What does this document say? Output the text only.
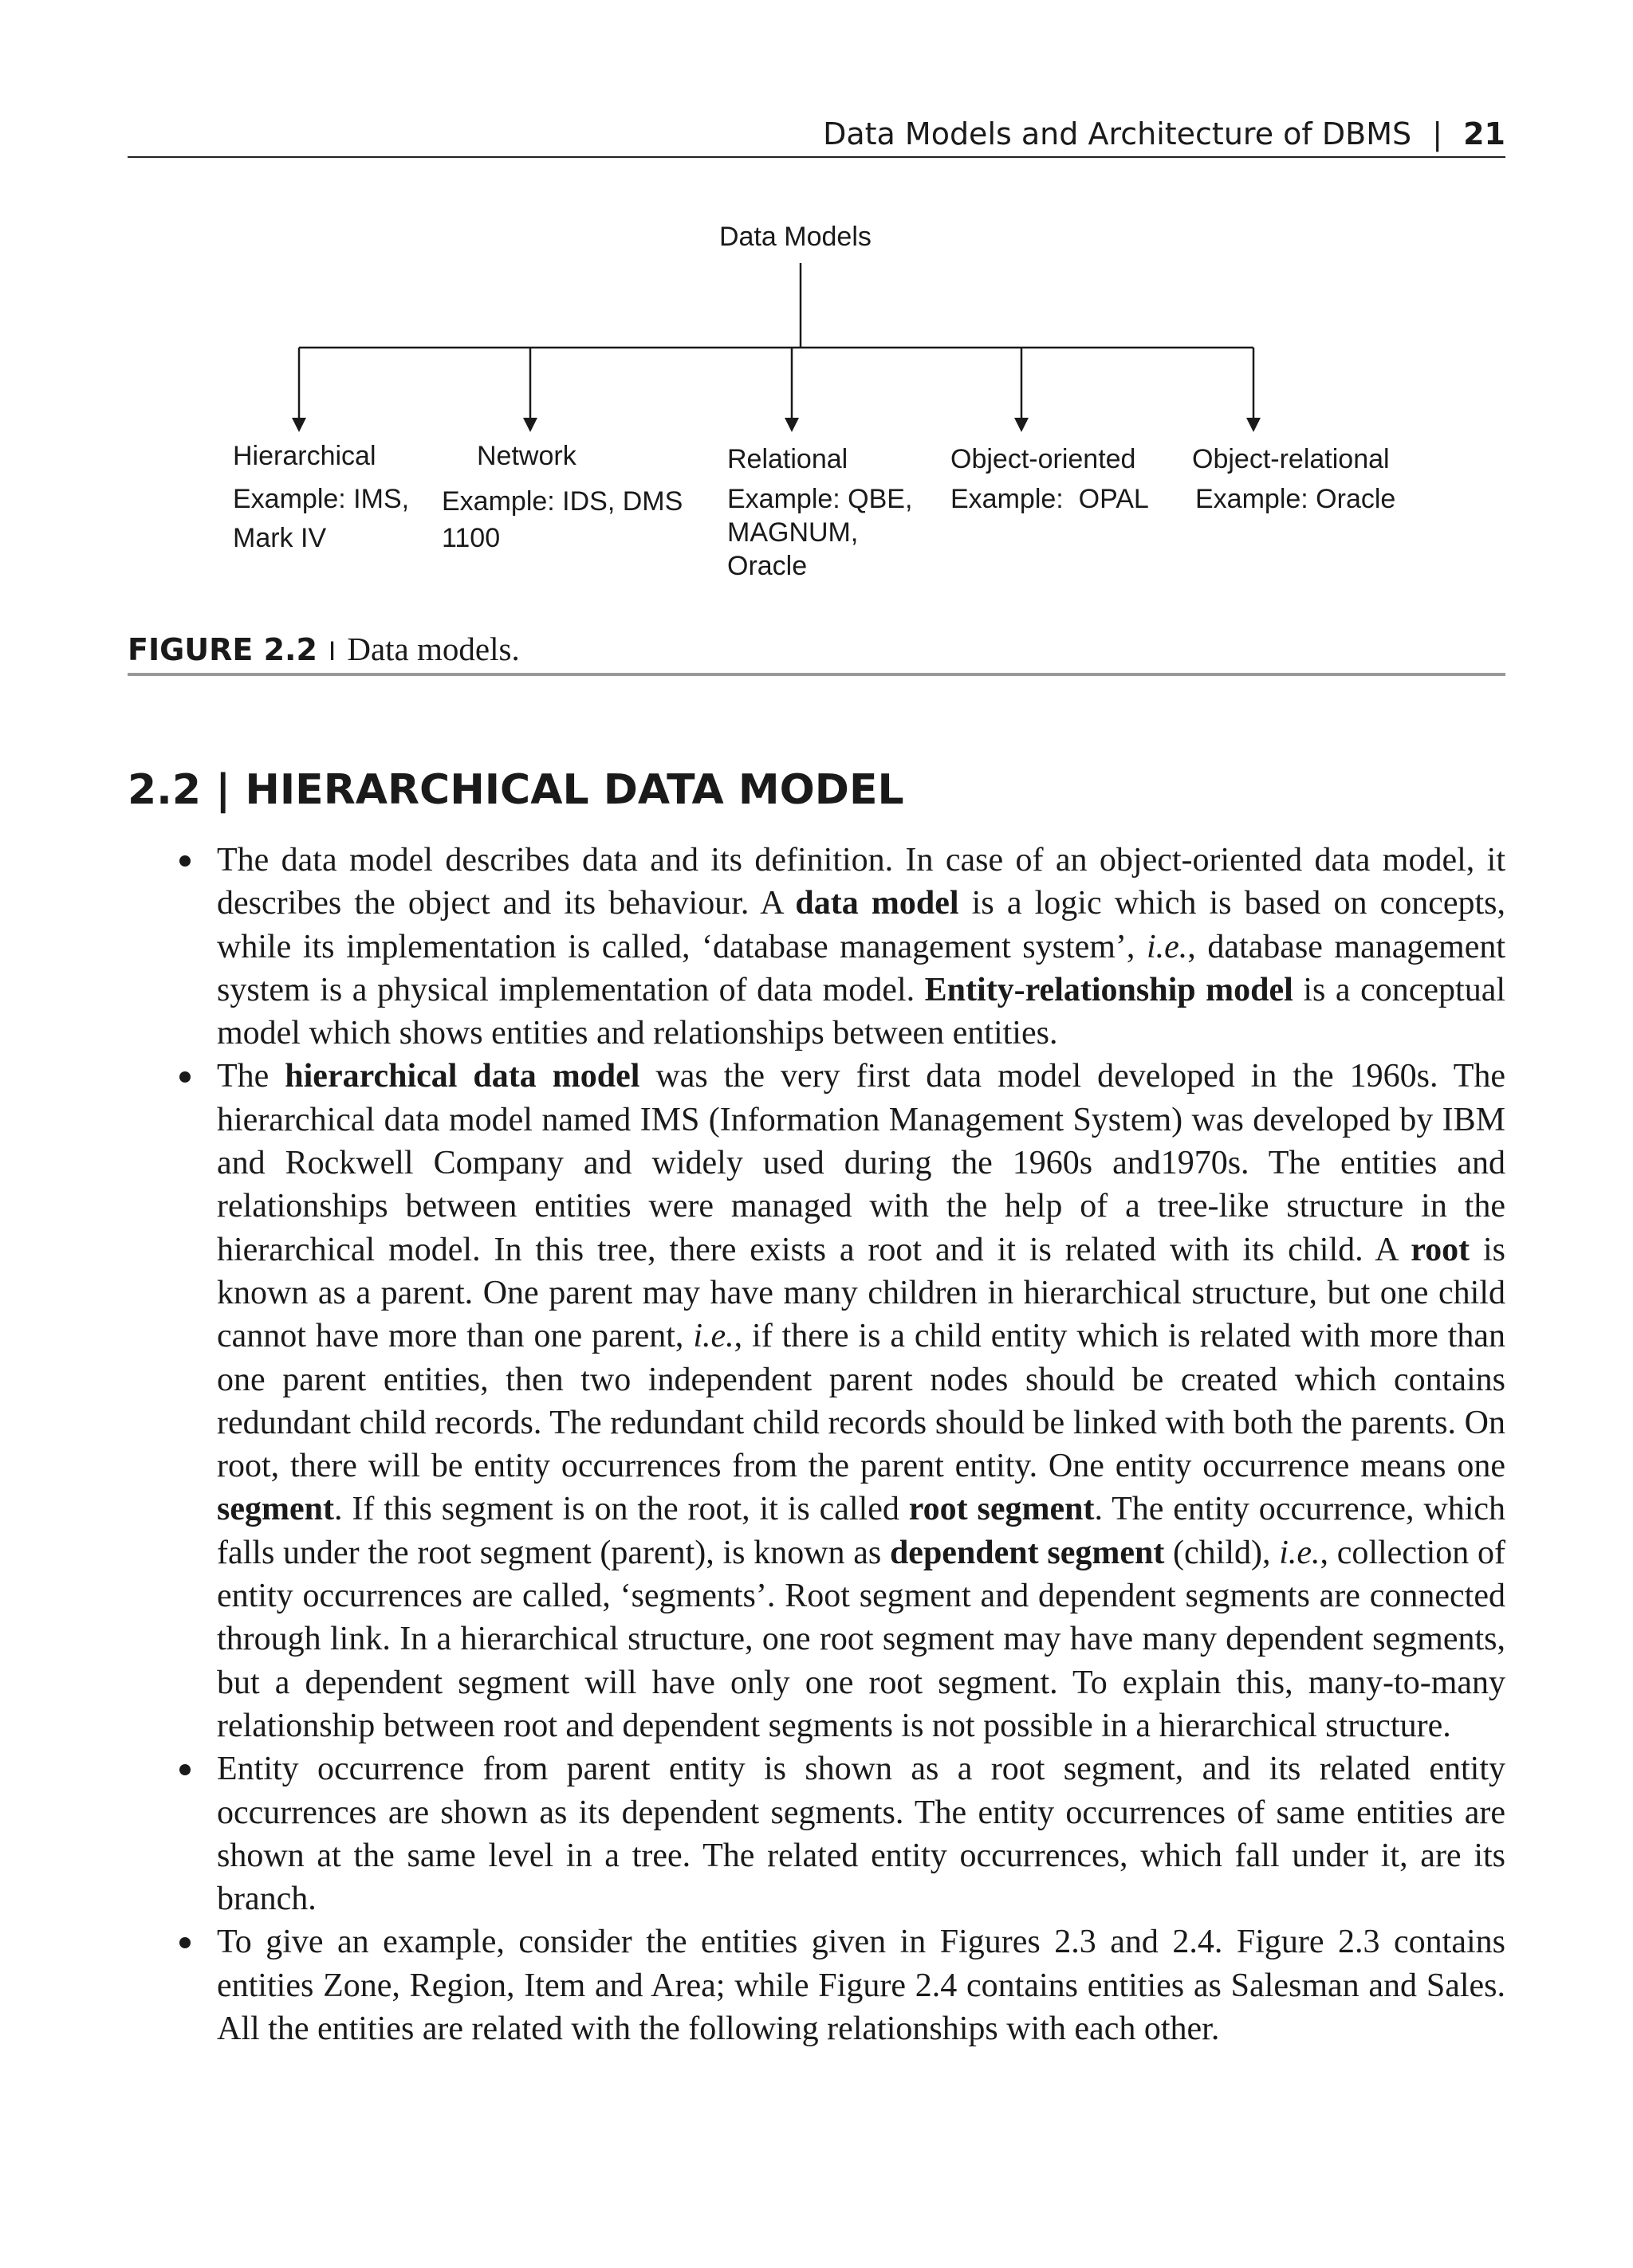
Data Models and Architecture of DBMS | 21
Data Models
Hierarchical
Example: IMS,
Mark IV
Network
Example: IDS, DMS
1100
Relational
Example: QBE,
MAGNUM,
Oracle
Object-oriented
Example:  OPAL
Object-relational
Example: Oracle
FIGURE 2.2 I Data models.
2.2 | HIERARCHICAL DATA MODEL
The data model describes data and its definition. In case of an object-oriented data model, it describes the object and its behaviour. A data model is a logic which is based on concepts, while its implementation is called, ‘database management system’, i.e., database management system is a physical implementation of data model. Entity-relationship model is a conceptual model which shows entities and relationships between entities.
The hierarchical data model was the very first data model developed in the 1960s. The hierarchical data model named IMS (Information Management System) was developed by IBM and Rockwell Company and widely used during the 1960s and1970s. The entities and relationships between entities were managed with the help of a tree-like structure in the hierarchical model. In this tree, there exists a root and it is related with its child. A root is known as a parent. One parent may have many children in hierarchical structure, but one child cannot have more than one parent, i.e., if there is a child entity which is related with more than one parent entities, then two independent parent nodes should be created which contains redundant child records. The redundant child records should be linked with both the parents. On root, there will be entity occurrences from the parent entity. One entity occurrence means one segment. If this segment is on the root, it is called root segment. The entity occurrence, which falls under the root segment (parent), is known as dependent segment (child), i.e., collection of entity occurrences are called, ‘segments’. Root segment and dependent segments are connected through link. In a hierarchical structure, one root segment may have many dependent segments, but a dependent segment will have only one root segment. To explain this, many-to-many relationship between root and dependent segments is not possible in a hierarchical structure.
Entity occurrence from parent entity is shown as a root segment, and its related entity occurrences are shown as its dependent segments. The entity occurrences of same entities are shown at the same level in a tree. The related entity occurrences, which fall under it, are its branch.
To give an example, consider the entities given in Figures 2.3 and 2.4. Figure 2.3 contains entities Zone, Region, Item and Area; while Figure 2.4 contains entities as Salesman and Sales. All the entities are related with the following relationships with each other.
